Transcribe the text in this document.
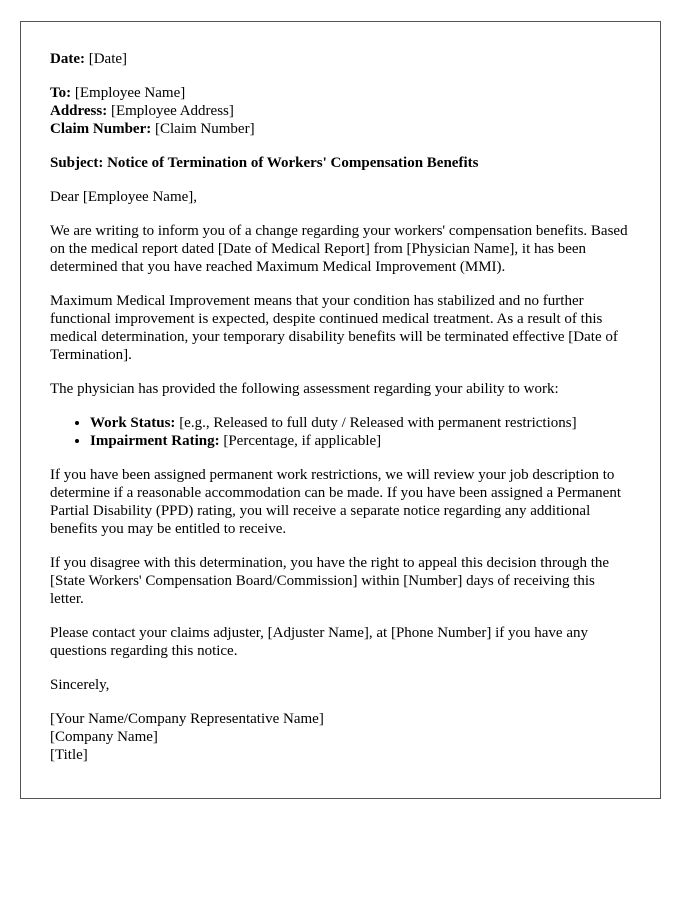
Date: [Date]

To: [Employee Name]

Address: [Employee Address]

Claim Number: [Claim Number]

Subject: Notice of Termination of Workers' Compensation Benefits

Dear [Employee Name],

We are writing to inform you of a change regarding your workers' compensation benefits. Based on the medical report dated [Date of Medical Report] from [Physician Name], it has been determined that you have reached Maximum Medical Improvement (MMI).

Maximum Medical Improvement means that your condition has stabilized and no further functional improvement is expected, despite continued medical treatment. As a result of this medical determination, your temporary disability benefits will be terminated effective [Date of Termination].

The physician has provided the following assessment regarding your ability to work:

• Work Status: [e.g., Released to full duty / Released with permanent restrictions]
• Impairment Rating: [Percentage, if applicable]

If you have been assigned permanent work restrictions, we will review your job description to determine if a reasonable accommodation can be made. If you have been assigned a Permanent Partial Disability (PPD) rating, you will receive a separate notice regarding any additional benefits you may be entitled to receive.

If you disagree with this determination, you have the right to appeal this decision through the [State Workers' Compensation Board/Commission] within [Number] days of receiving this letter.

Please contact your claims adjuster, [Adjuster Name], at [Phone Number] if you have any questions regarding this notice.

Sincerely,

[Your Name/Company Representative Name]

[Company Name]

[Title]
